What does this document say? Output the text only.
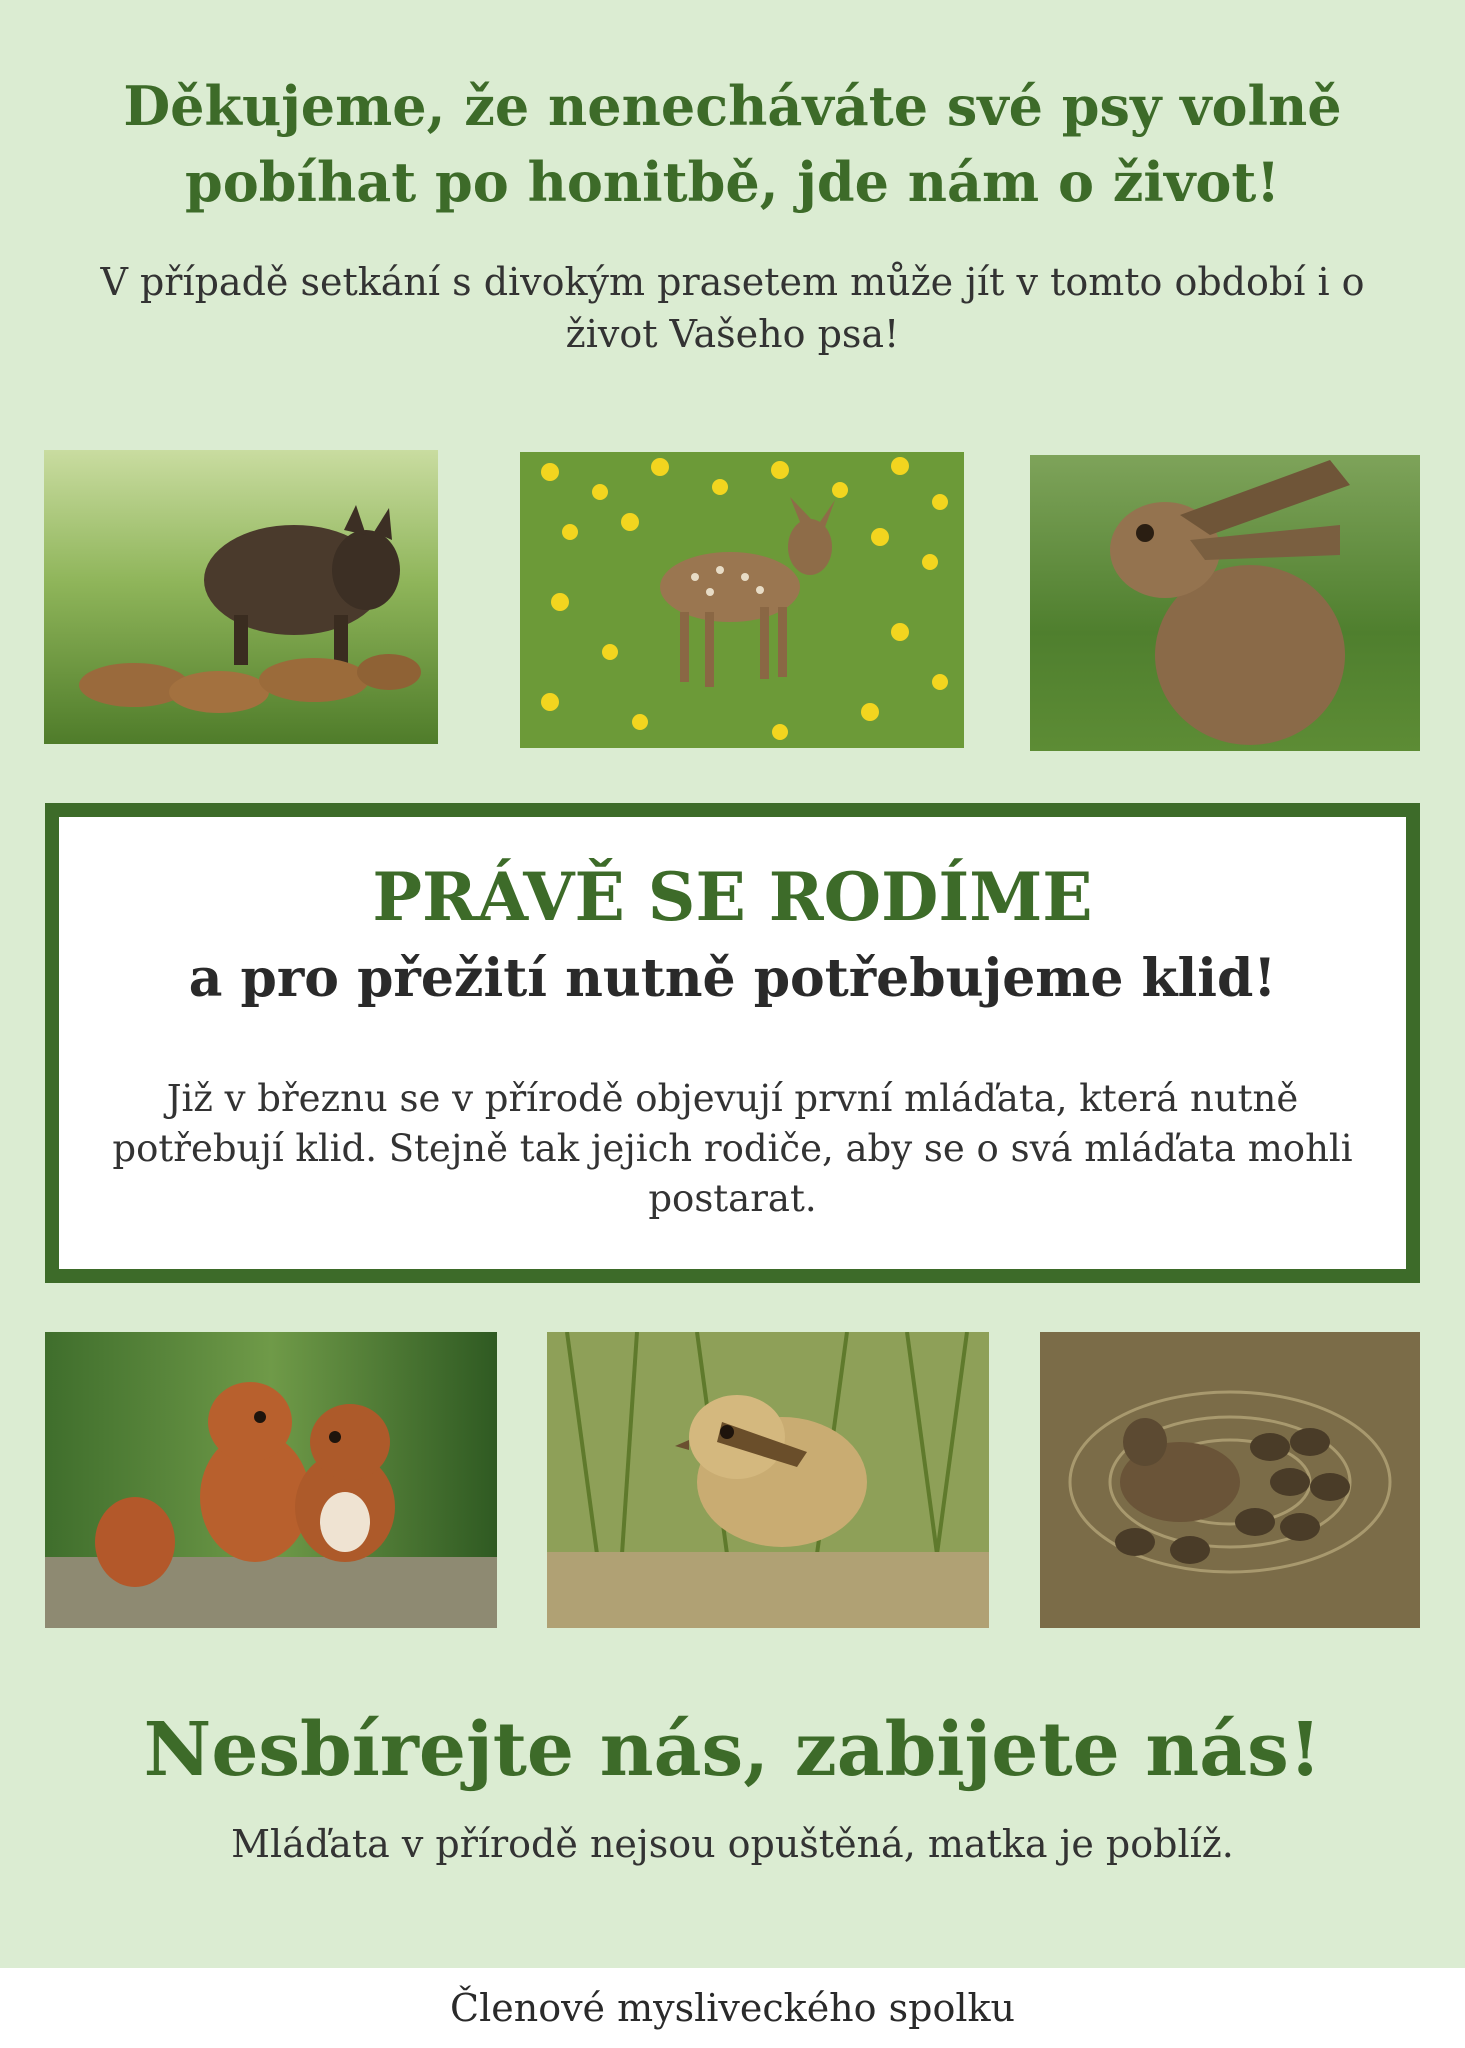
Děkujeme, že nenecháváte své psy volně pobíhat po honitbě, jde nám o život!

V případě setkání s divokým prasetem může jít v tomto období i o život Vašeho psa!

PRÁVĚ SE RODÍME
a pro přežití nutně potřebujeme klid!

Již v březnu se v přírodě objevují první mláďata, která nutně potřebují klid. Stejně tak jejich rodiče, aby se o svá mláďata mohli postarat.

Nesbírejte nás, zabijete nás!

Mláďata v přírodě nejsou opuštěná, matka je poblíž.

Členové mysliveckého spolku
